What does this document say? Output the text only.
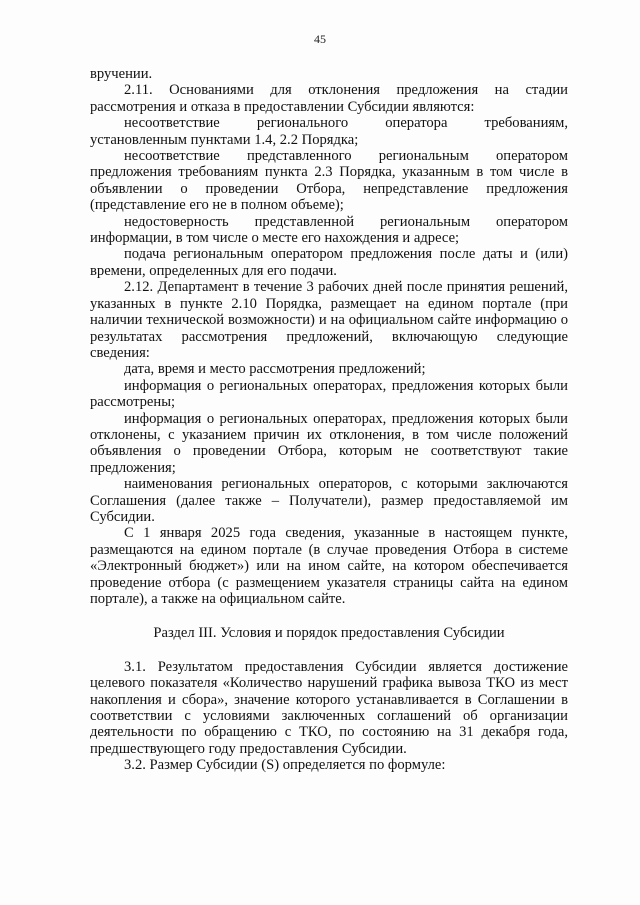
45

вручении.

2.11. Основаниями для отклонения предложения на стадии рассмотрения и отказа в предоставлении Субсидии являются:

несоответствие регионального оператора требованиям, установленным пунктами 1.4, 2.2 Порядка;

несоответствие представленного региональным оператором предложения требованиям пункта 2.3 Порядка, указанным в том числе в объявлении о проведении Отбора, непредставление предложения (представление его не в полном объеме);

недостоверность представленной региональным оператором информации, в том числе о месте его нахождения и адресе;

подача региональным оператором предложения после даты и (или) времени, определенных для его подачи.

2.12. Департамент в течение 3 рабочих дней после принятия решений, указанных в пункте 2.10 Порядка, размещает на едином портале (при наличии технической возможности) и на официальном сайте информацию о результатах рассмотрения предложений, включающую следующие сведения:

дата, время и место рассмотрения предложений;

информация о региональных операторах, предложения которых были рассмотрены;

информация о региональных операторах, предложения которых были отклонены, с указанием причин их отклонения, в том числе положений объявления о проведении Отбора, которым не соответствуют такие предложения;

наименования региональных операторов, с которыми заключаются Соглашения (далее также – Получатели), размер предоставляемой им Субсидии.

С 1 января 2025 года сведения, указанные в настоящем пункте, размещаются на едином портале (в случае проведения Отбора в системе «Электронный бюджет») или на ином сайте, на котором обеспечивается проведение отбора (с размещением указателя страницы сайта на едином портале), а также на официальном сайте.

Раздел III. Условия и порядок предоставления Субсидии

3.1. Результатом предоставления Субсидии является достижение целевого показателя «Количество нарушений графика вывоза ТКО из мест накопления и сбора», значение которого устанавливается в Соглашении в соответствии с условиями заключенных соглашений об организации деятельности по обращению с ТКО, по состоянию на 31 декабря года, предшествующего году предоставления Субсидии.

3.2. Размер Субсидии (S) определяется по формуле:
